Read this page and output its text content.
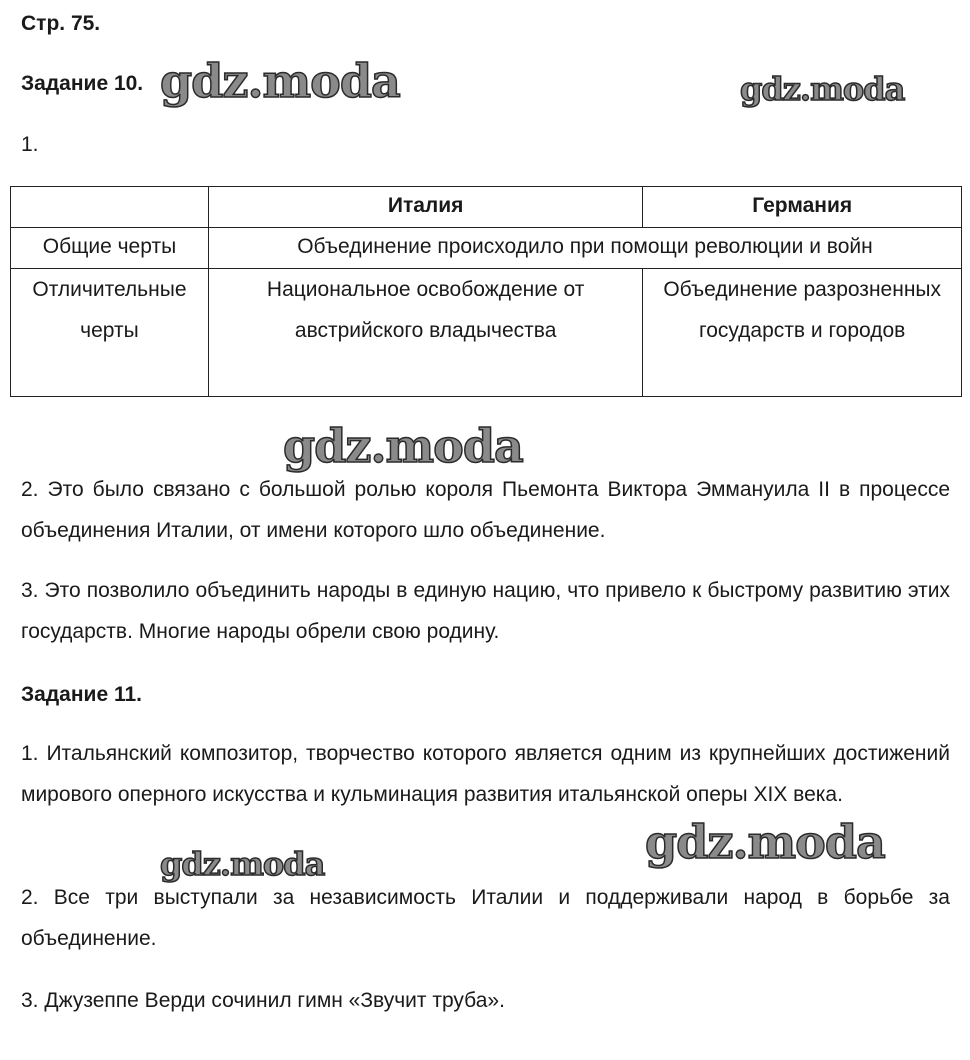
Стр. 75.
Задание 10.
1.
	Италия	Германия
Общие черты	Объединение происходило при помощи революции и войн	
Отличительные черты	Национальное освобождение от австрийского владычества	Объединение разрозненных государств и городов
2. Это было связано с большой ролью короля Пьемонта Виктора Эммануила II в процессе объединения Италии, от имени которого шло объединение.
3. Это позволило объединить народы в единую нацию, что привело к быстрому развитию этих государств. Многие народы обрели свою родину.
Задание 11.
1. Итальянский композитор, творчество которого является одним из крупнейших достижений мирового оперного искусства и кульминация развития итальянской оперы XIX века.
2. Все три выступали за независимость Италии и поддерживали народ в борьбе за объединение.
3. Джузеппе Верди сочинил гимн «Звучит труба».
gdz.moda	gdz.moda
gdz.moda
gdz.moda	gdz.moda
